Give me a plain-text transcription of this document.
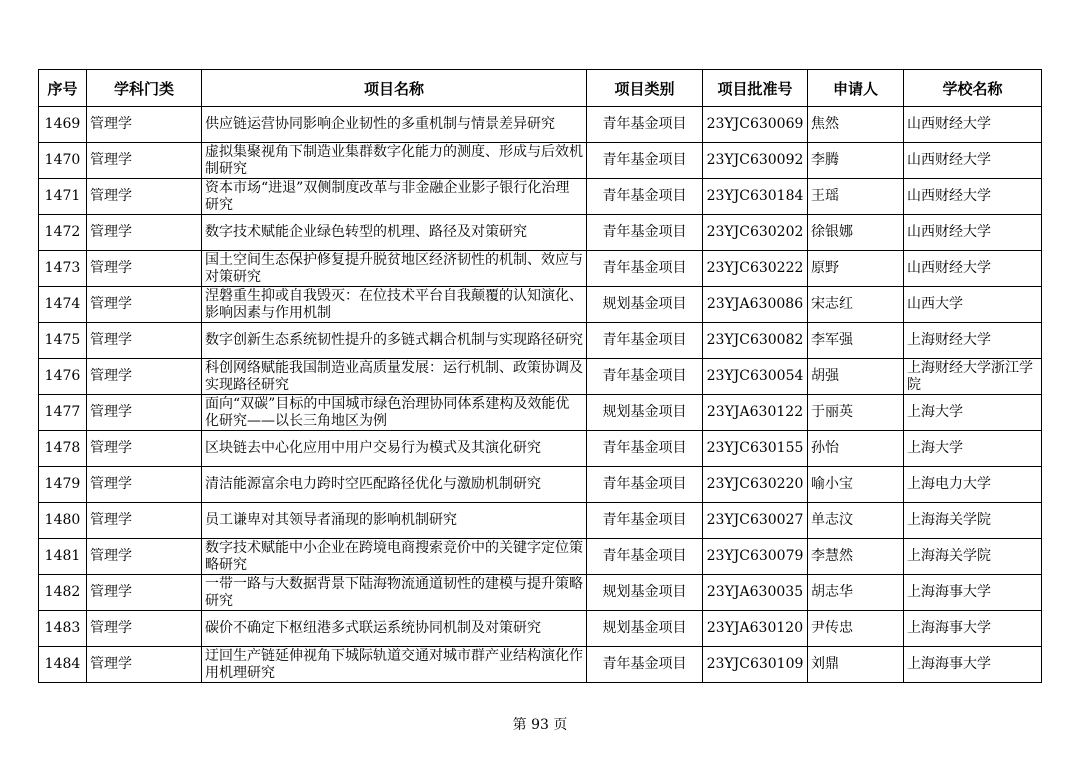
序号	学科门类	项目名称	项目类别	项目批准号	申请人	学校名称
1469	管理学	供应链运营协同影响企业韧性的多重机制与情景差异研究	青年基金项目	23YJC630069	焦然	山西财经大学
1470	管理学	虚拟集聚视角下制造业集群数字化能力的测度、形成与后效机制研究	青年基金项目	23YJC630092	李腾	山西财经大学
1471	管理学	资本市场“进退”双侧制度改革与非金融企业影子银行化治理研究	青年基金项目	23YJC630184	王瑶	山西财经大学
1472	管理学	数字技术赋能企业绿色转型的机理、路径及对策研究	青年基金项目	23YJC630202	徐银娜	山西财经大学
1473	管理学	国土空间生态保护修复提升脱贫地区经济韧性的机制、效应与对策研究	青年基金项目	23YJC630222	原野	山西财经大学
1474	管理学	涅磐重生抑或自我毁灭：在位技术平台自我颠覆的认知演化、影响因素与作用机制	规划基金项目	23YJA630086	宋志红	山西大学
1475	管理学	数字创新生态系统韧性提升的多链式耦合机制与实现路径研究	青年基金项目	23YJC630082	李军强	上海财经大学
1476	管理学	科创网络赋能我国制造业高质量发展：运行机制、政策协调及实现路径研究	青年基金项目	23YJC630054	胡强	上海财经大学浙江学院
1477	管理学	面向“双碳”目标的中国城市绿色治理协同体系建构及效能优化研究——以长三角地区为例	规划基金项目	23YJA630122	于丽英	上海大学
1478	管理学	区块链去中心化应用中用户交易行为模式及其演化研究	青年基金项目	23YJC630155	孙怡	上海大学
1479	管理学	清洁能源富余电力跨时空匹配路径优化与激励机制研究	青年基金项目	23YJC630220	喻小宝	上海电力大学
1480	管理学	员工谦卑对其领导者涌现的影响机制研究	青年基金项目	23YJC630027	单志汶	上海海关学院
1481	管理学	数字技术赋能中小企业在跨境电商搜索竞价中的关键字定位策略研究	青年基金项目	23YJC630079	李慧然	上海海关学院
1482	管理学	一带一路与大数据背景下陆海物流通道韧性的建模与提升策略研究	规划基金项目	23YJA630035	胡志华	上海海事大学
1483	管理学	碳价不确定下枢纽港多式联运系统协同机制及对策研究	规划基金项目	23YJA630120	尹传忠	上海海事大学
1484	管理学	迂回生产链延伸视角下城际轨道交通对城市群产业结构演化作用机理研究	青年基金项目	23YJC630109	刘鼎	上海海事大学
第 93 页
